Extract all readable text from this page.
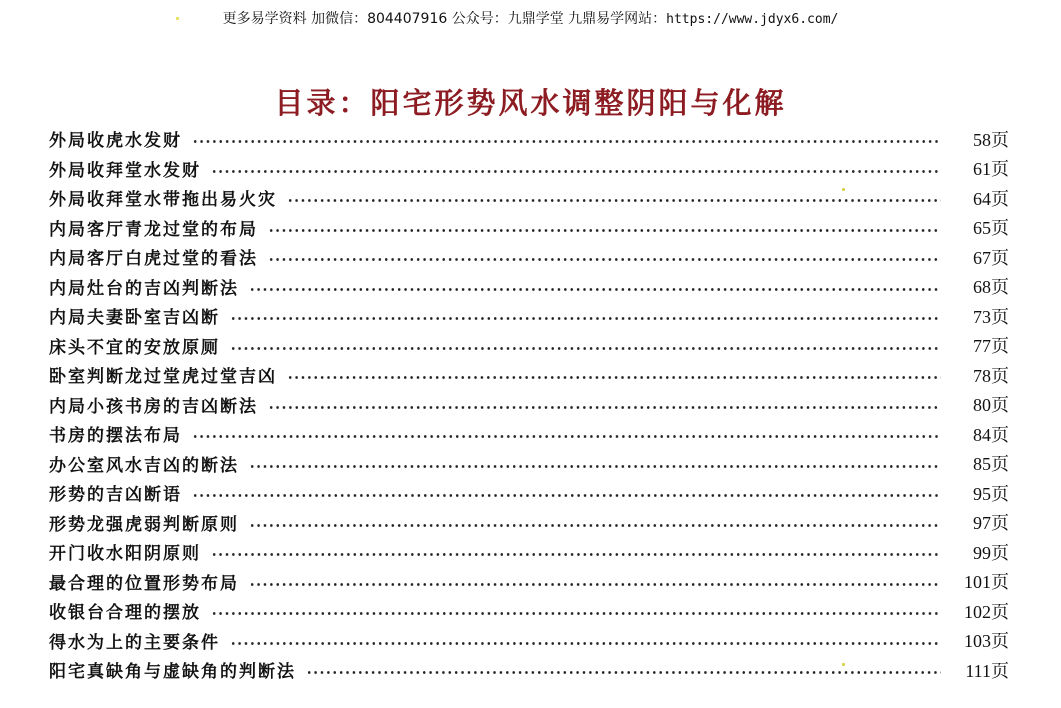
更多易学资料 加微信：804407916 公众号：九鼎学堂 九鼎易学网站：https://www.jdyx6.com/
目录：阳宅形势风水调整阴阳与化解
外局收虎水发财	58页
外局收拜堂水发财	61页
外局收拜堂水带拖出易火灾	64页
内局客厅青龙过堂的布局	65页
内局客厅白虎过堂的看法	67页
内局灶台的吉凶判断法	68页
内局夫妻卧室吉凶断	73页
床头不宜的安放原厕	77页
卧室判断龙过堂虎过堂吉凶	78页
内局小孩书房的吉凶断法	80页
书房的摆法布局	84页
办公室风水吉凶的断法	85页
形势的吉凶断语	95页
形势龙强虎弱判断原则	97页
开门收水阳阴原则	99页
最合理的位置形势布局	101页
收银台合理的摆放	102页
得水为上的主要条件	103页
阳宅真缺角与虚缺角的判断法	111页
